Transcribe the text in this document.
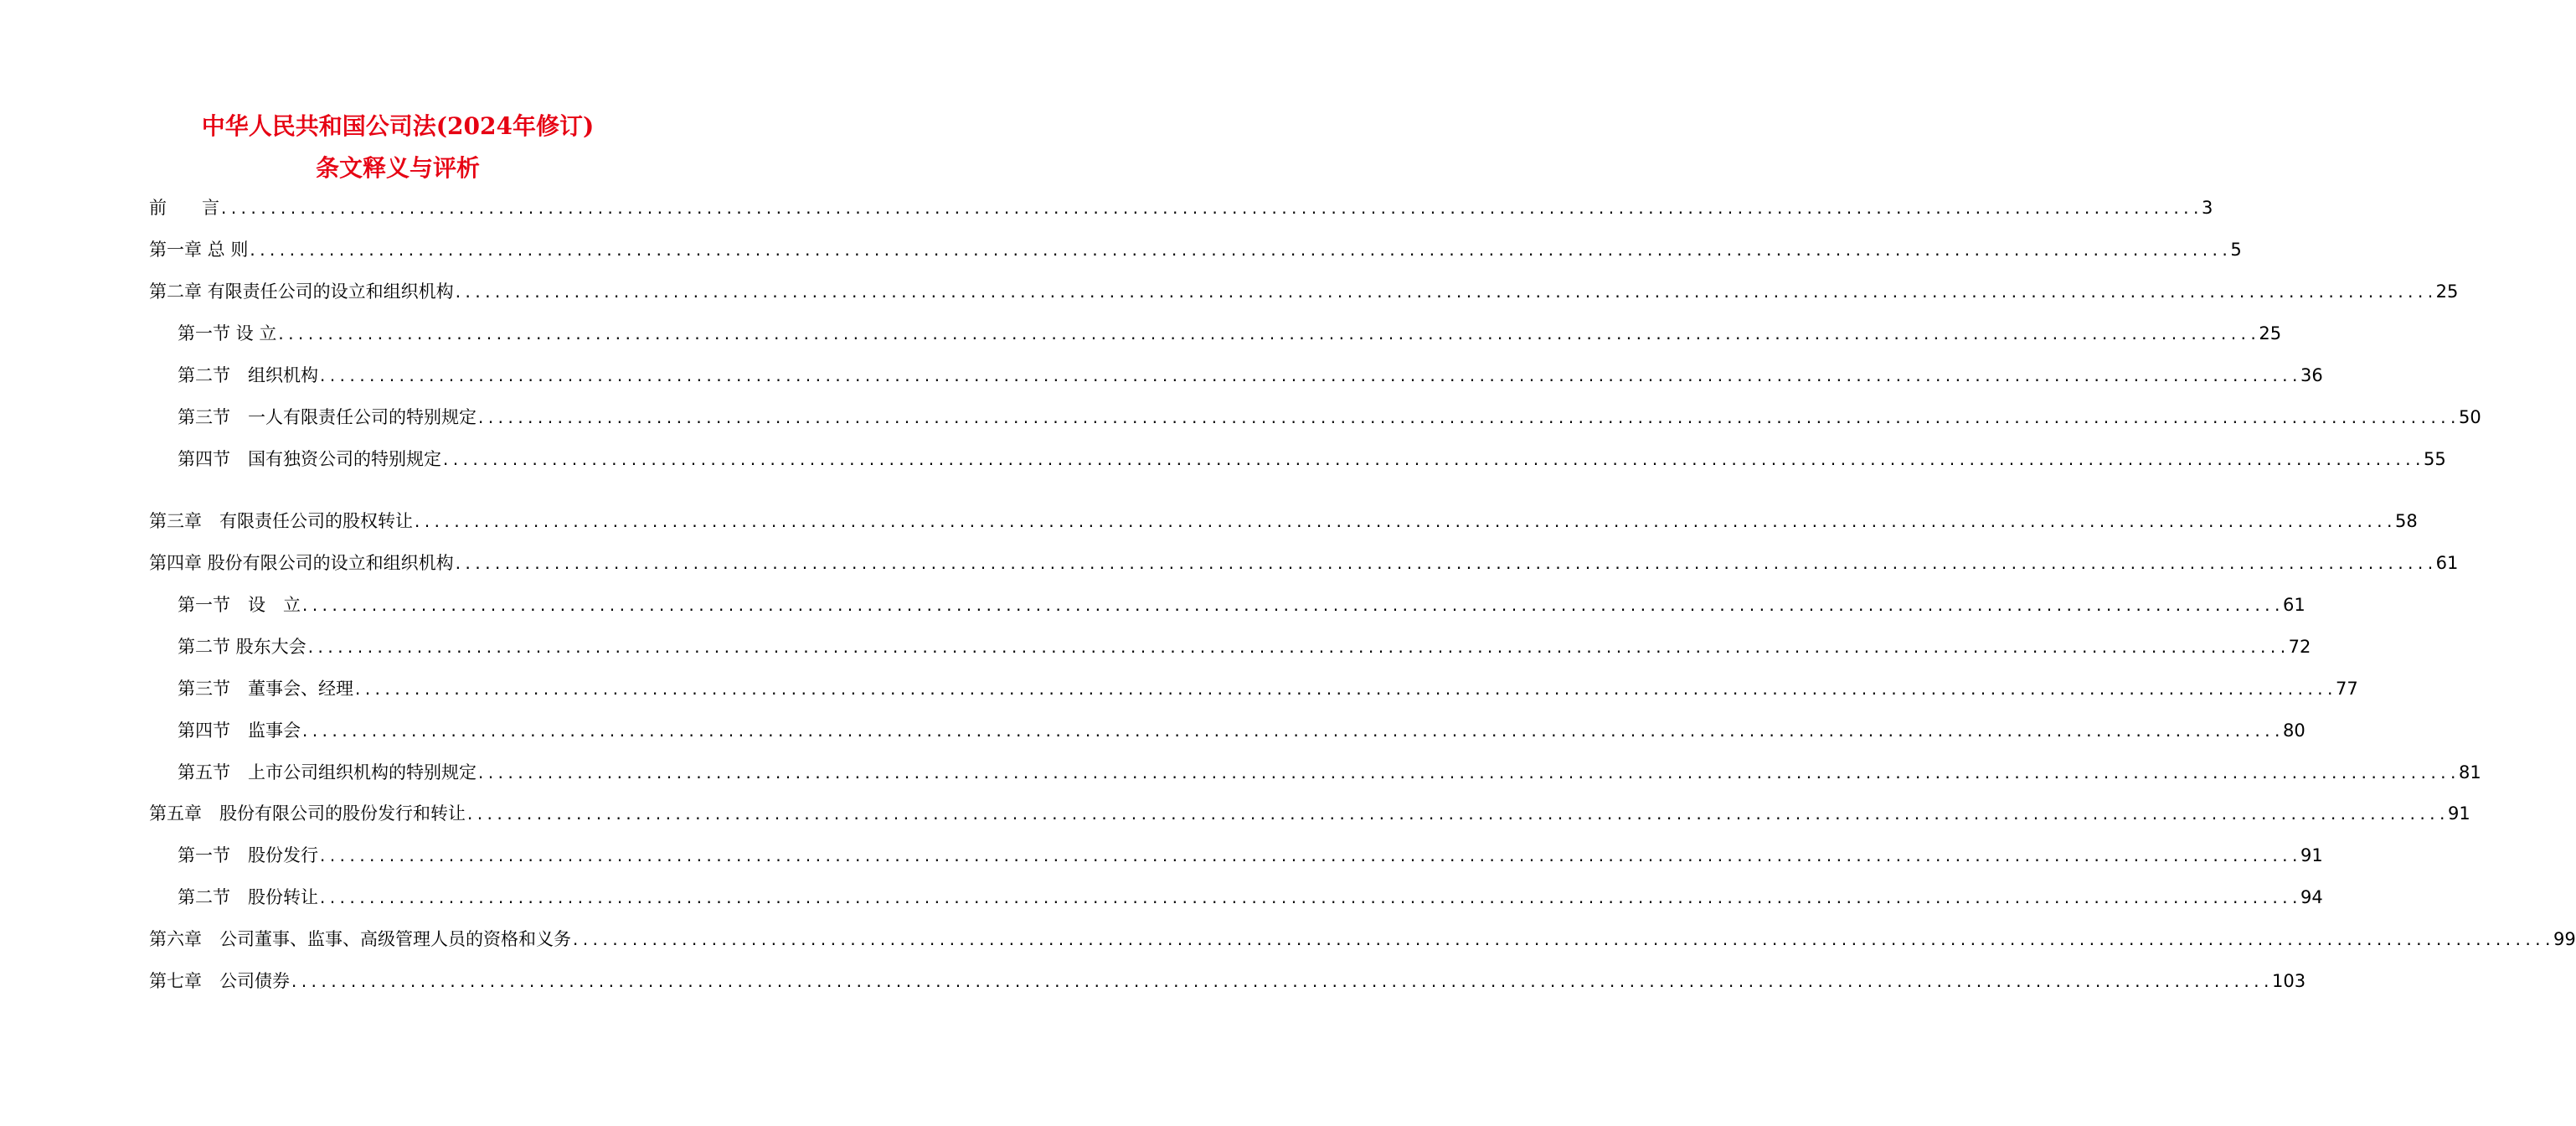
中华人民共和国公司法(2024年修订)
条文释义与评析
前　　言 ........................................................................................................................................................................................................ 3
第一章 总 则 ........................................................................................................................................................................................................ 5
第二章 有限责任公司的设立和组织机构 ........................................................................................................................................................................................................ 25
第一节 设 立 ........................................................................................................................................................................................................ 25
第二节　组织机构 ........................................................................................................................................................................................................ 36
第三节　一人有限责任公司的特别规定 ........................................................................................................................................................................................................ 50
第四节　国有独资公司的特别规定 ........................................................................................................................................................................................................ 55
第三章　有限责任公司的股权转让 ........................................................................................................................................................................................................ 58
第四章 股份有限公司的设立和组织机构 ........................................................................................................................................................................................................ 61
第一节　设　立 ........................................................................................................................................................................................................ 61
第二节 股东大会 ........................................................................................................................................................................................................ 72
第三节　董事会、经理 ........................................................................................................................................................................................................ 77
第四节　监事会 ........................................................................................................................................................................................................ 80
第五节　上市公司组织机构的特别规定 ........................................................................................................................................................................................................ 81
第五章　股份有限公司的股份发行和转让 ........................................................................................................................................................................................................ 91
第一节　股份发行 ........................................................................................................................................................................................................ 91
第二节　股份转让 ........................................................................................................................................................................................................ 94
第六章　公司董事、监事、高级管理人员的资格和义务 ........................................................................................................................................................................................................ 99
第七章　公司债券 ........................................................................................................................................................................................................ 103
